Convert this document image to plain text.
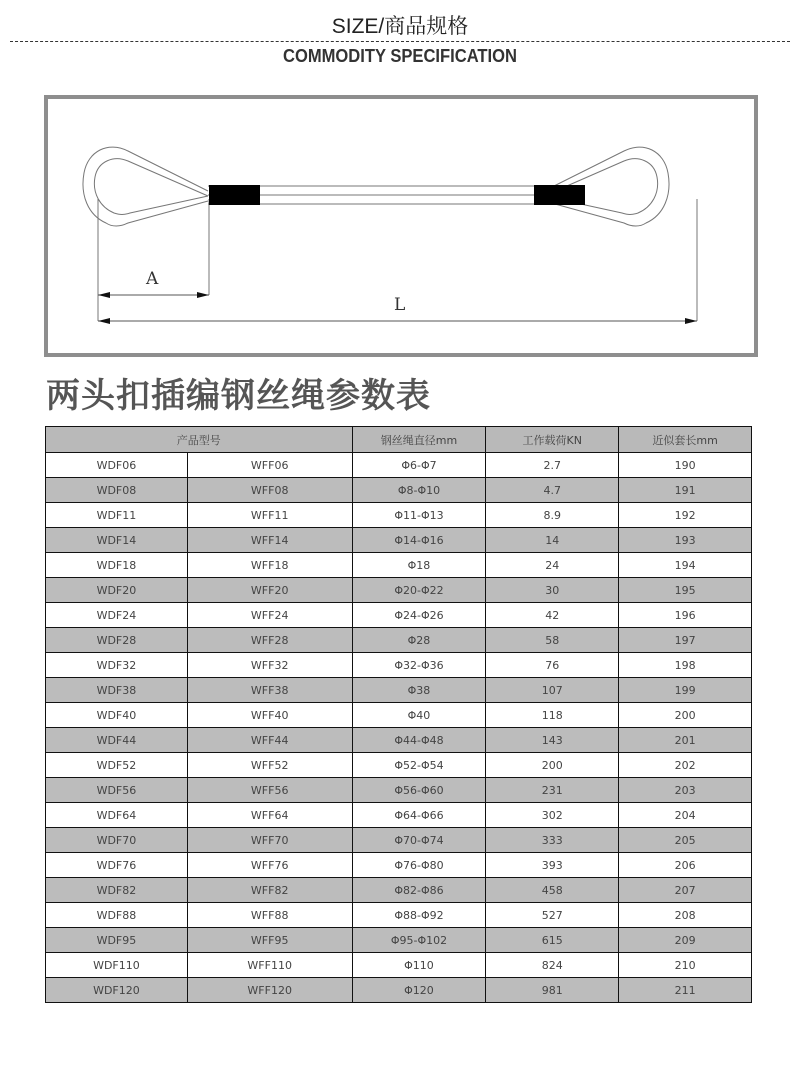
SIZE/商品规格
COMMODITY SPECIFICATION
A
L
两头扣插编钢丝绳参数表
产品型号		钢丝绳直径mm	工作载荷KN	近似套长mm
WDF06	WFF06	Φ6-Φ7	2.7	190
WDF08	WFF08	Φ8-Φ10	4.7	191
WDF11	WFF11	Φ11-Φ13	8.9	192
WDF14	WFF14	Φ14-Φ16	14	193
WDF18	WFF18	Φ18	24	194
WDF20	WFF20	Φ20-Φ22	30	195
WDF24	WFF24	Φ24-Φ26	42	196
WDF28	WFF28	Φ28	58	197
WDF32	WFF32	Φ32-Φ36	76	198
WDF38	WFF38	Φ38	107	199
WDF40	WFF40	Φ40	118	200
WDF44	WFF44	Φ44-Φ48	143	201
WDF52	WFF52	Φ52-Φ54	200	202
WDF56	WFF56	Φ56-Φ60	231	203
WDF64	WFF64	Φ64-Φ66	302	204
WDF70	WFF70	Φ70-Φ74	333	205
WDF76	WFF76	Φ76-Φ80	393	206
WDF82	WFF82	Φ82-Φ86	458	207
WDF88	WFF88	Φ88-Φ92	527	208
WDF95	WFF95	Φ95-Φ102	615	209
WDF110	WFF110	Φ110	824	210
WDF120	WFF120	Φ120	981	211
